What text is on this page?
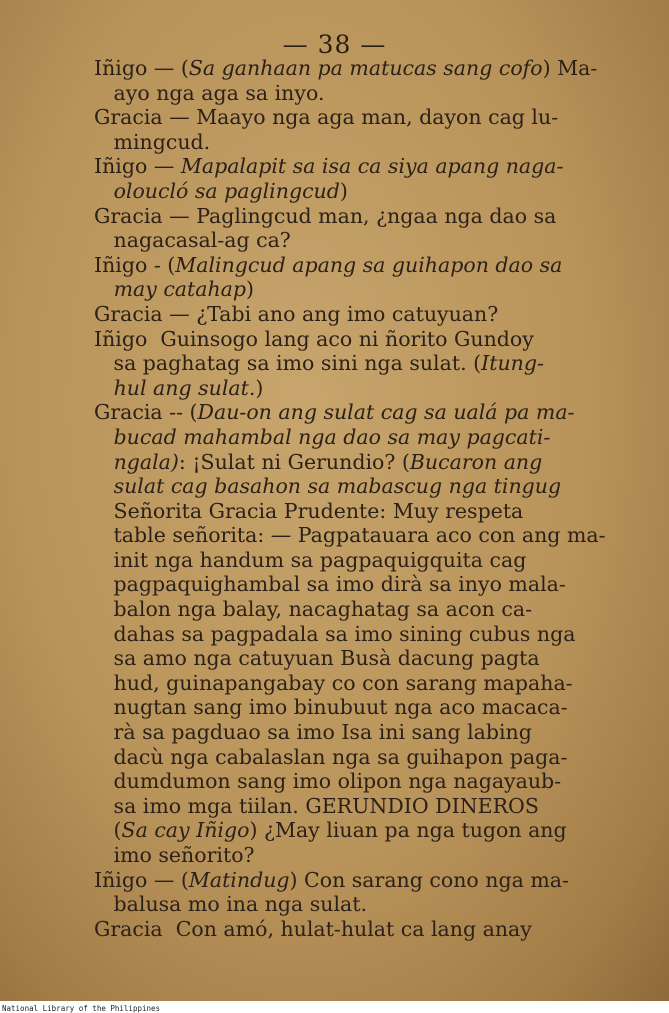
— 38 —
Iñigo — (Sa ganhaan pa matucas sang cofo) Ma-
ayo nga aga sa inyo.
Gracia — Maayo nga aga man, dayon cag lu-
mingcud.
Iñigo — Mapalapit sa isa ca siya apang naga-
oloucló sa paglingcud)
Gracia — Paglingcud man, ¿ngaa nga dao sa
nagacasal-ag ca?
Iñigo - (Malingcud apang sa guihapon dao sa
may catahap)
Gracia — ¿Tabi ano ang imo catuyuan?
Iñigo  Guinsogo lang aco ni ñorito Gundoy
sa paghatag sa imo sini nga sulat. (Itung-
hul ang sulat.)
Gracia -- (Dau-on ang sulat cag sa ualá pa ma-
bucad mahambal nga dao sa may pagcati-
ngala): ¡Sulat ni Gerundio? (Bucaron ang
sulat cag basahon sa mabascug nga tingug
Señorita Gracia Prudente: Muy respeta
table señorita: — Pagpatauara aco con ang ma-
init nga handum sa pagpaquigquita cag
pagpaquighambal sa imo dirà sa inyo mala-
balon nga balay, nacaghatag sa acon ca-
dahas sa pagpadala sa imo sining cubus nga
sa amo nga catuyuan Busà dacung pagta
hud, guinapangabay co con sarang mapaha-
nugtan sang imo binubuut nga aco macaca-
rà sa pagduao sa imo Isa ini sang labing
dacù nga cabalaslan nga sa guihapon paga-
dumdumon sang imo olipon nga nagayaub-
sa imo mga tiilan. GERUNDIO DINEROS
(Sa cay Iñigo) ¿May liuan pa nga tugon ang
imo señorito?
Iñigo — (Matindug) Con sarang cono nga ma-
balusa mo ina nga sulat.
Gracia  Con amó, hulat-hulat ca lang anay
National Library of the Philippines
